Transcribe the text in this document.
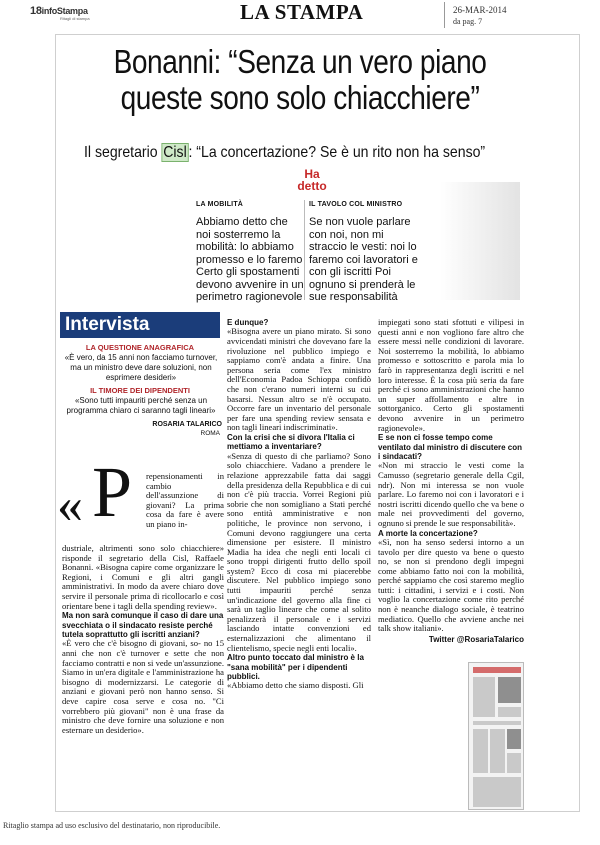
18infoStampa
Ritagli di stampa	LA STAMPA	26-MAR-2014
da pag. 7
Bonanni: “Senza un vero piano
queste sono solo chiacchiere”
Il segretario Cisl : “La concertazione? Se è un rito non ha senso”
Ha
detto
LA MOBILITÀ
Abbiamo detto che noi sosterremo la mobilità: lo abbiamo promesso e lo faremo Certo gli spostamenti devono avvenire in un perimetro ragionevole
IL TAVOLO COL MINISTRO
Se non vuole parlare con noi, non mi straccio le vesti: noi lo faremo coi lavoratori e con gli iscritti Poi ognuno si prenderà le sue responsabilità
Intervista
LA QUESTIONE ANAGRAFICA
«È vero, da 15 anni non facciamo turnover, ma un ministro deve dare soluzioni, non esprimere desideri»
IL TIMORE DEI DIPENDENTI
«Sono tutti impauriti perché senza un programma chiaro ci saranno tagli lineari»
ROSARIA TALARICO
ROMA
« P repensionamenti in cambio dell'assunzione di giovani? La prima cosa da fare è avere un piano in-

dustriale, altrimenti sono solo chiacchiere» risponde il segretario della Cisl, Raffaele Bonanni. «Bisogna capire come organizzare le Regioni, i Comuni e gli altri gangli amministrativi. In modo da avere chiaro dove servire il personale prima di ricollocarlo e così orientare bene i tagli della spending review».

Ma non sarà comunque il caso di dare una svecchiata o il sindacato resiste perché tutela soprattutto gli iscritti anziani?

«È vero che c'è bisogno di giovani, so- no 15 anni che non c'è turnover e sette che non facciamo contratti e non si vede un'assunzione. Siamo in un'era digitale e l'amministrazione ha bisogno di modernizzarsi. Le categorie di anziani e giovani però non hanno senso. Si deve capire cosa serve e cosa no. "Ci vorrebbero più giovani" non è una frase da ministro che deve fornire una soluzione e non esternare un desiderio».

E dunque?

«Bisogna avere un piano mirato. Si sono avvicendati ministri che dovevano fare la rivoluzione nel pubblico impiego e sappiamo com'è andata a finire. Una persona seria come l'ex ministro dell'Economia Padoa Schioppa confidò che non c'erano numeri interni su cui basarsi. Nessun altro se n'è occupato. Occorre fare un inventario del personale per fare una spending review sensata e non tagli lineari indiscriminati».

Con la crisi che si divora l'Italia ci mettiamo a inventariare?

«Senza di questo di che parliamo? Sono solo chiacchiere. Vadano a prendere le relazione apprezzabile fatta dai saggi della presidenza della Repubblica e di cui non c'è più traccia. Vorrei Regioni più sobrie che non somigliano a Stati perché sono entità amministrative e non politiche, le province non servono, i Comuni devono raggiungere una certa dimensione per esistere. Il ministro Madia ha idea che negli enti locali ci sono troppi dirigenti frutto dello spoil system? Ecco di cosa mi piacerebbe discutere. Nel pubblico impiego sono tutti impauriti perché senza un'indicazione del governo alla fine ci sarà un taglio lineare che come al solito penalizzerà il personale e i servizi lasciando intatte convenzioni ed esternalizzazioni che alimentano il clientelismo, specie negli enti locali».

Altro punto toccato dal ministro è la "sana mobilità" per i dipendenti pubblici.

«Abbiamo detto che siamo disposti. Gli

impiegati sono stati sfottuti e vilipesi in questi anni e non vogliono fare altro che essere messi nelle condizioni di lavorare. Noi sosterremo la mobilità, lo abbiamo promesso e sottoscritto e parola mia lo farò in rappresentanza degli iscritti e nel loro interesse. È la cosa più seria da fare perché ci sono amministrazioni che hanno un super affollamento e altre in sottorganico. Certo gli spostamenti devono avvenire in un perimetro ragionevole».

E se non ci fosse tempo come ventilato dal ministro di discutere con i sindacati?

«Non mi straccio le vesti come la Camusso (segretario generale della Cgil, ndr). Non mi interessa se non vuole parlare. Lo faremo noi con i lavoratori e i nostri iscritti dicendo quello che va bene o male nei provvedimenti del governo, ognuno si prende le sue responsabilità».

A morte la concertazione?

«Sì, non ha senso sedersi intorno a un tavolo per dire questo va bene o questo no, se non si prendono degli impegni come abbiamo fatto noi con la mobilità, perché sappiamo che così staremo meglio tutti: i cittadini, i servizi e i costi. Non voglio la concertazione come rito perché non è neanche dialogo sociale, è teatrino mediatico. Quello che avviene anche nei talk show italiani».

Twitter @RosariaTalarico
Ritaglio stampa ad uso esclusivo del destinatario, non riproducibile.
